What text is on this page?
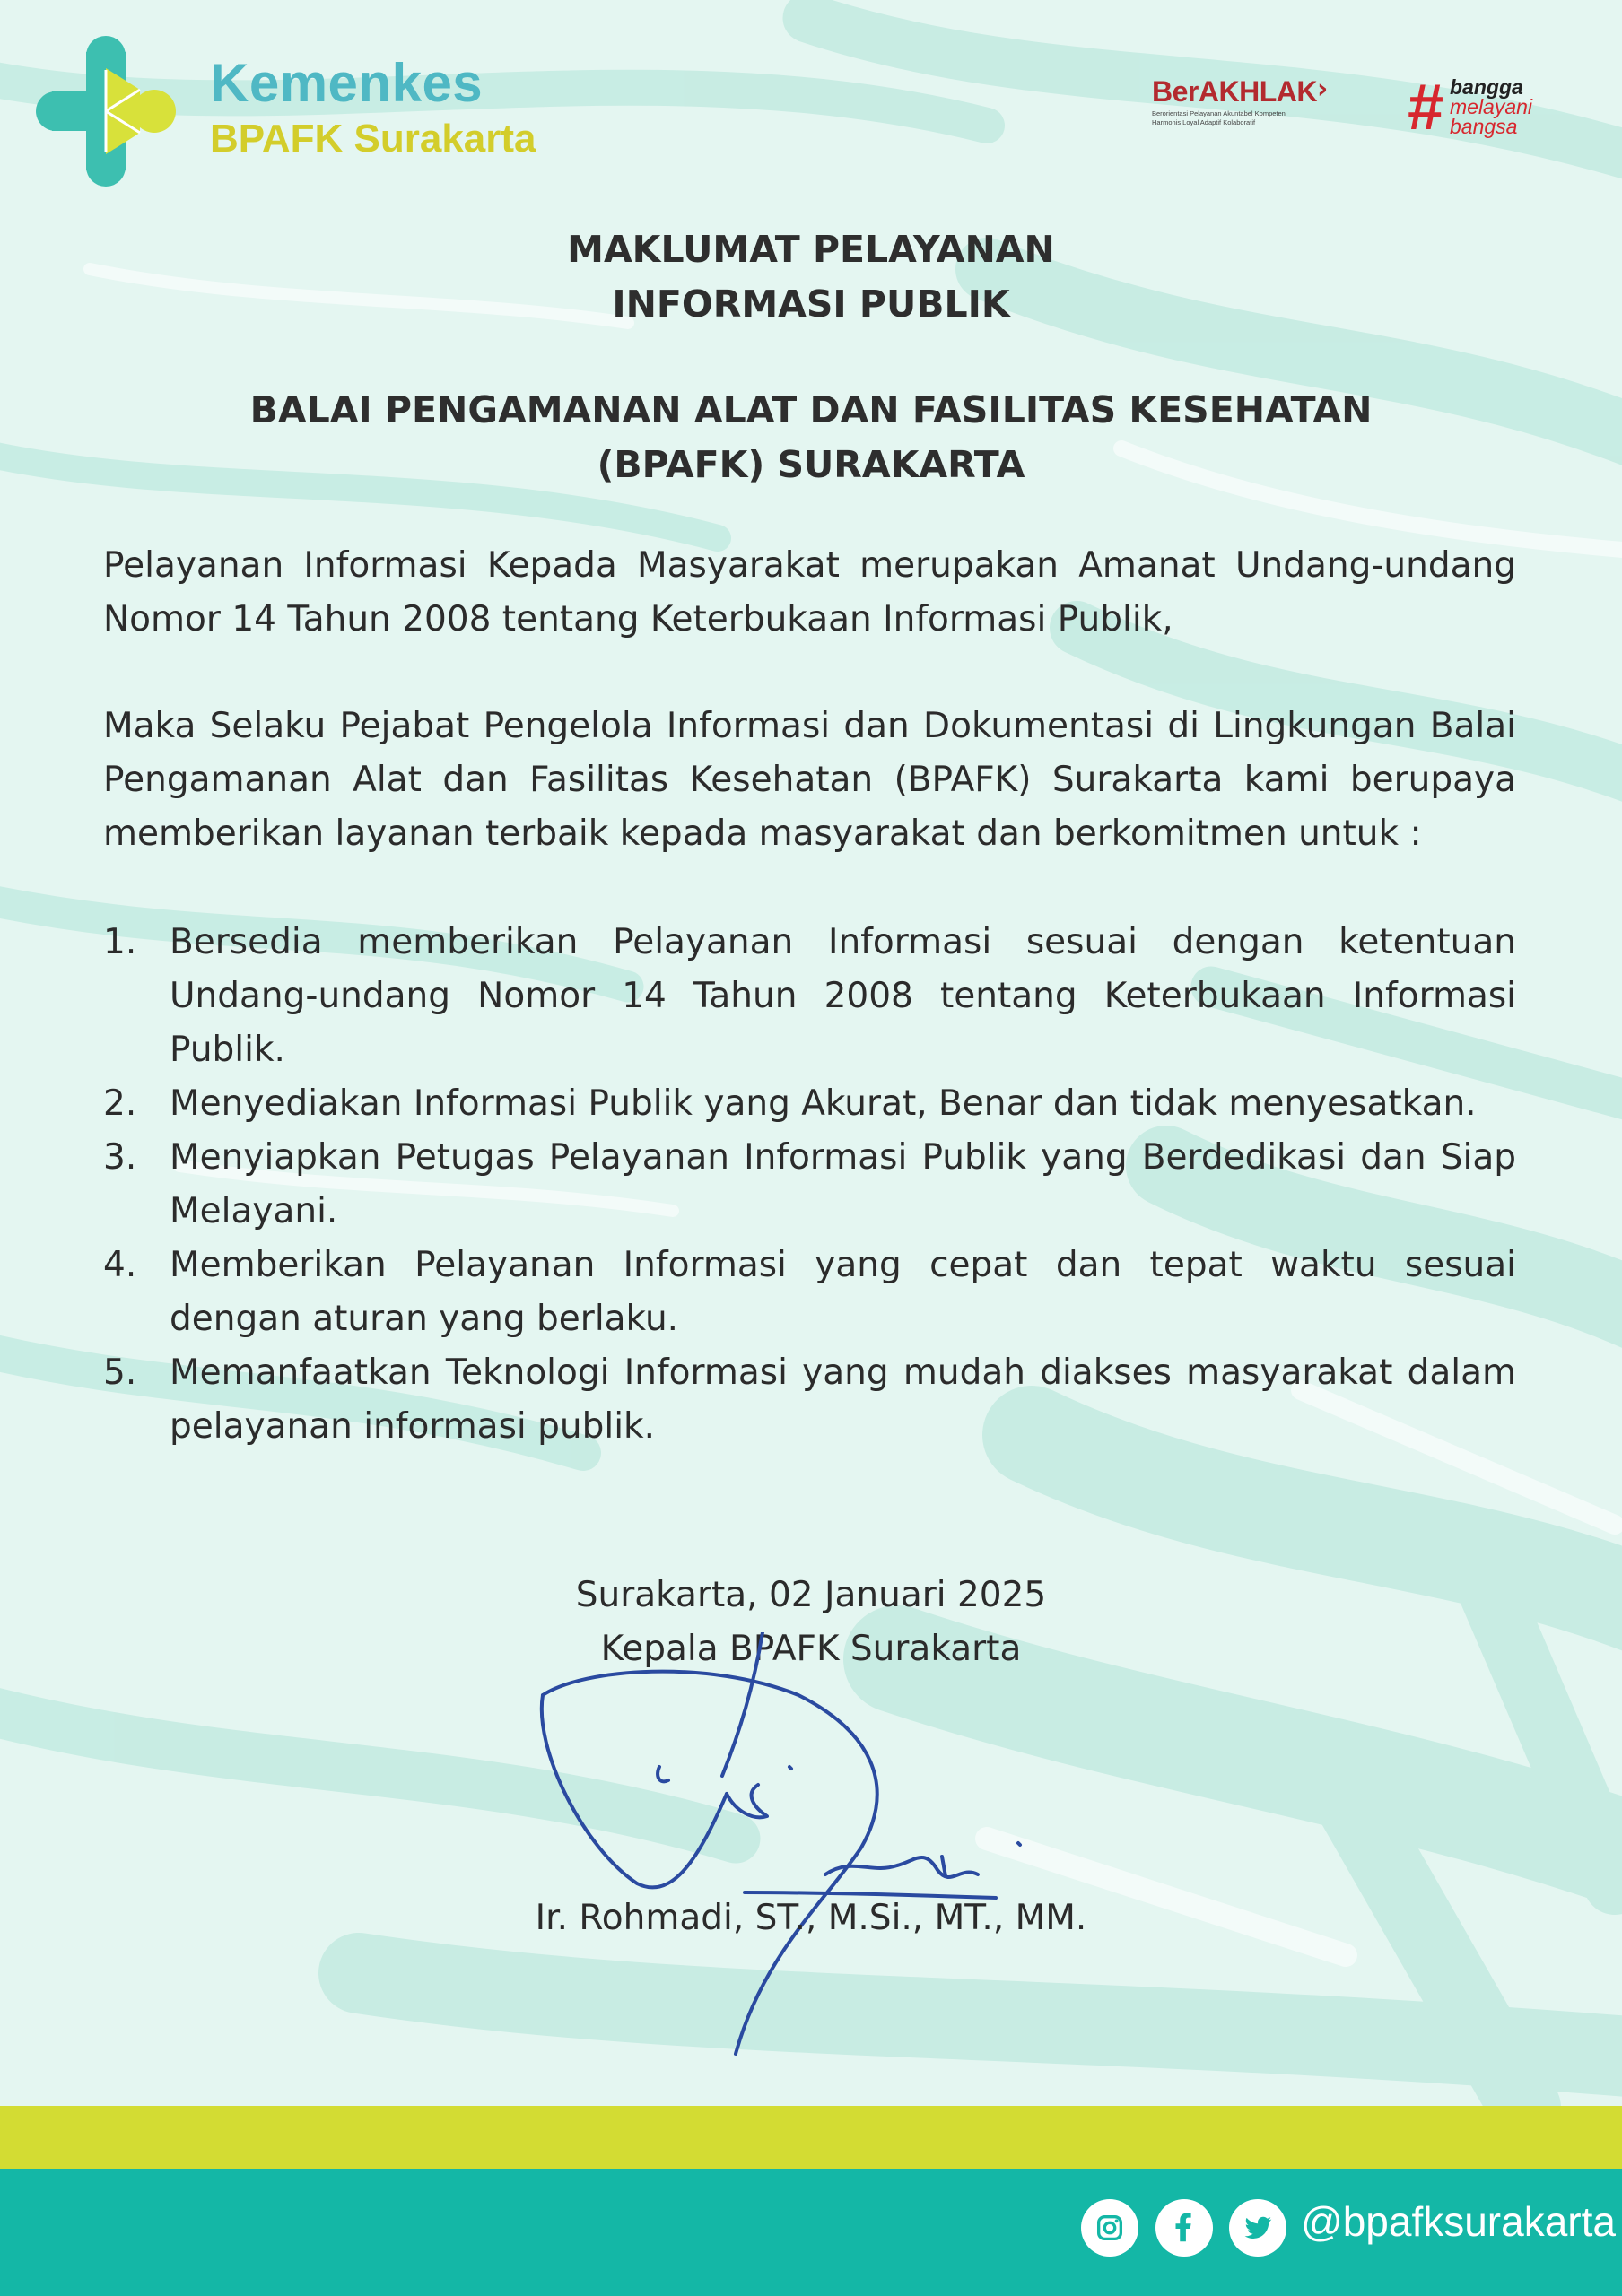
Kemenkes
BPAFK Surakarta
BerAKHLAK ›
Berorientasi Pelayanan Akuntabel Kompeten
Harmonis Loyal Adaptif Kolaboratif	# bangga
melayani
bangsa
MAKLUMAT PELAYANAN
INFORMASI PUBLIK
BALAI PENGAMANAN ALAT DAN FASILITAS KESEHATAN
(BPAFK) SURAKARTA
Pelayanan Informasi Kepada Masyarakat merupakan Amanat Undang-undang Nomor 14 Tahun 2008 tentang Keterbukaan Informasi Publik,
Maka Selaku Pejabat Pengelola Informasi dan Dokumentasi di Lingkungan Balai Pengamanan Alat dan Fasilitas Kesehatan (BPAFK) Surakarta kami berupaya memberikan layanan terbaik kepada masyarakat dan berkomitmen untuk :
1. Bersedia memberikan Pelayanan Informasi sesuai dengan ketentuan Undang-undang Nomor 14 Tahun 2008 tentang Keterbukaan Informasi Publik.
2. Menyediakan Informasi Publik yang Akurat, Benar dan tidak menyesatkan.
3. Menyiapkan Petugas Pelayanan Informasi Publik yang Berdedikasi dan Siap Melayani.
4. Memberikan Pelayanan Informasi yang cepat dan tepat waktu sesuai dengan aturan yang berlaku.
5. Memanfaatkan Teknologi Informasi yang mudah diakses masyarakat dalam pelayanan informasi publik.
Surakarta, 02 Januari 2025
Kepala BPAFK Surakarta
Ir. Rohmadi, ST., M.Si., MT., MM.
@bpafksurakarta
